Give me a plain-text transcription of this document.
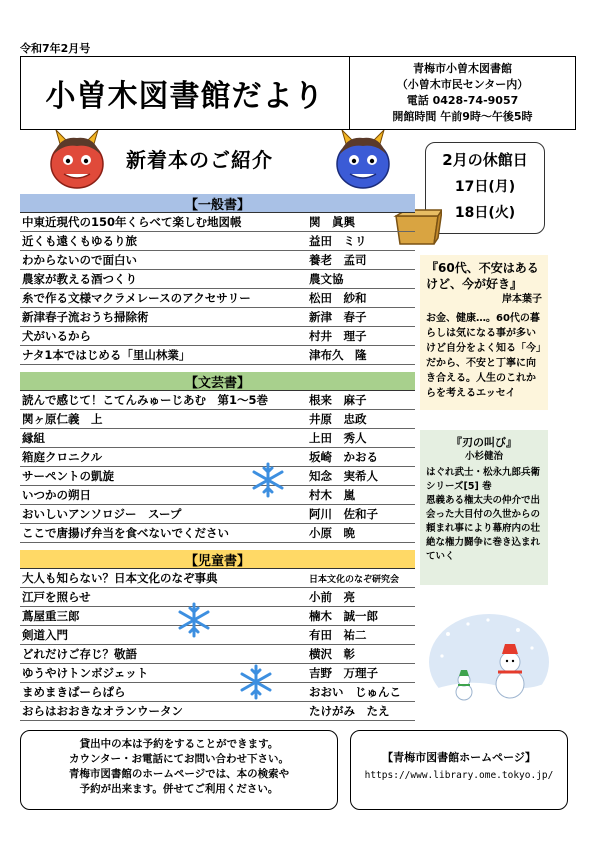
令和7年2月号
小曽木図書館だより
青梅市小曽木図書館
（小曽木市民センター内）
電話 0428-74-9057
開館時間 午前9時～午後5時
新着本のご紹介	2月の休館日
17日(月)
18日(火)
【一般書】
中東近現代の150年くらべて楽しむ地図帳	関　眞興
近くも遠くもゆるり旅	益田　ミリ
わからないので面白い	養老　孟司
農家が教える酒つくり	農文協
糸で作る文様マクラメレースのアクセサリー	松田　紗和
新津春子流おうち掃除術	新津　春子
犬がいるから	村井　理子
ナタ1本ではじめる「里山林業」	津布久　隆
【文芸書】
読んで感じて！こてんみゅーじあむ　第1～5巻	根来　麻子
関ヶ原仁義　上	井原　忠政
縁組	上田　秀人
箱庭クロニクル	坂崎　かおる
サーペントの凱旋	知念　実希人
いつかの朔日	村木　嵐
おいしいアンソロジー　スープ	阿川　佐和子
ここで唐揚げ弁当を食べないでください	小原　晩
【児童書】
大人も知らない？日本文化のなぞ事典	日本文化のなぞ研究会
江戸を照らせ	小前　亮
蔦屋重三郎	楠木　誠一郎
剣道入門	有田　祐二
どれだけご存じ？敬語	横沢　彰
ゆうやけトンボジェット	吉野　万理子
まめまきぱーらぱら	おおい　じゅんこ
おらはおおきなオランウータン	たけがみ　たえ
『60代、不安はあるけど、今が好き』
岸本葉子
お金、健康…。60代の暮らしは気になる事が多いけど自分をよく知る「今」だから、不安と丁寧に向き合える。人生のこれからを考えるエッセイ
『刃の叫び』
小杉健治
はぐれ武士・松永九郎兵衛シリーズ[5] 巻
恩義ある権太夫の仲介で出会った大目付の久世からの頼まれ事により幕府内の壮絶な権力闘争に巻き込まれていく
貸出中の本は予約をすることができます。
カウンター・お電話にてお問い合わせ下さい。
青梅市図書館のホームページでは、本の検索や
予約が出来ます。併せてご利用ください。
【青梅市図書館ホームページ】
https://www.library.ome.tokyo.jp/
